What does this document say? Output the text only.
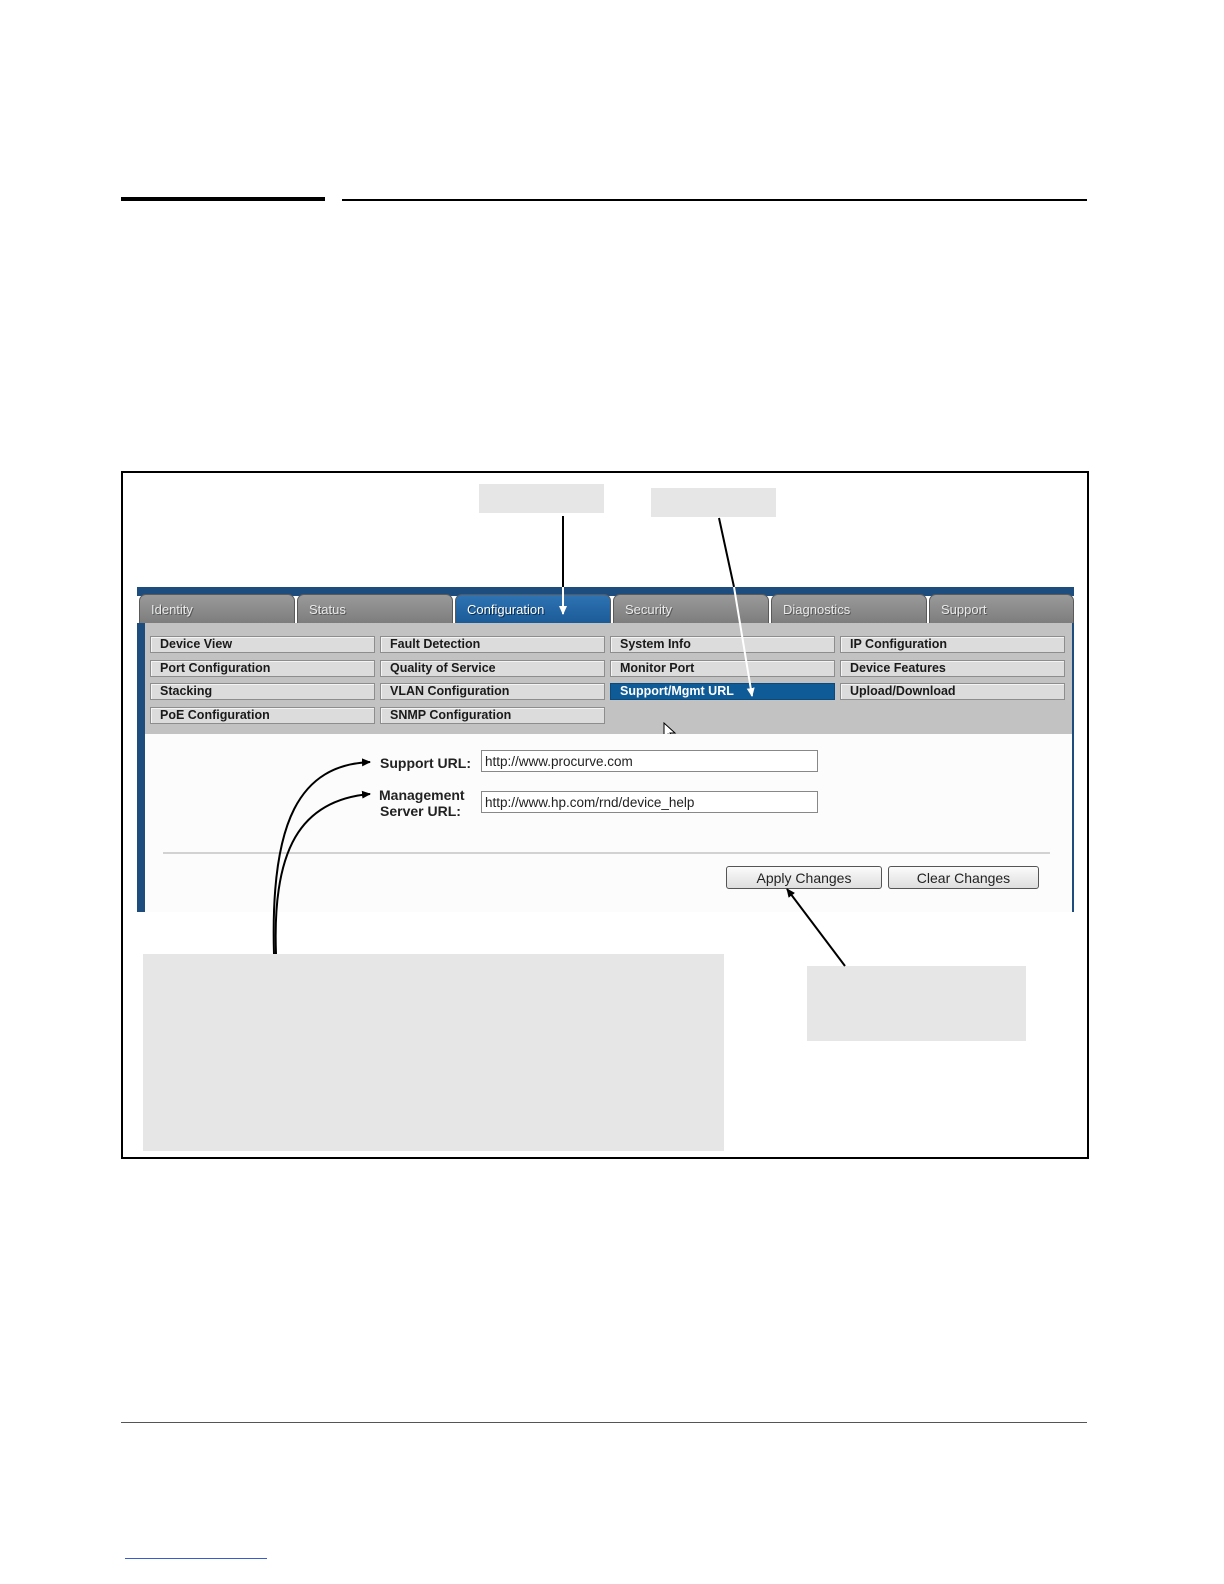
Identity	Status	Configuration	Security	Diagnostics	Support
Device View	Fault Detection	System Info	IP Configuration
Port Configuration	Quality of Service	Monitor Port	Device Features
Stacking	VLAN Configuration	Support/Mgmt URL	Upload/Download
PoE Configuration	SNMP Configuration
Support URL:
http://www.procurve.com
Management
Server URL:
http://www.hp.com/rnd/device_help
Apply Changes	Clear Changes
